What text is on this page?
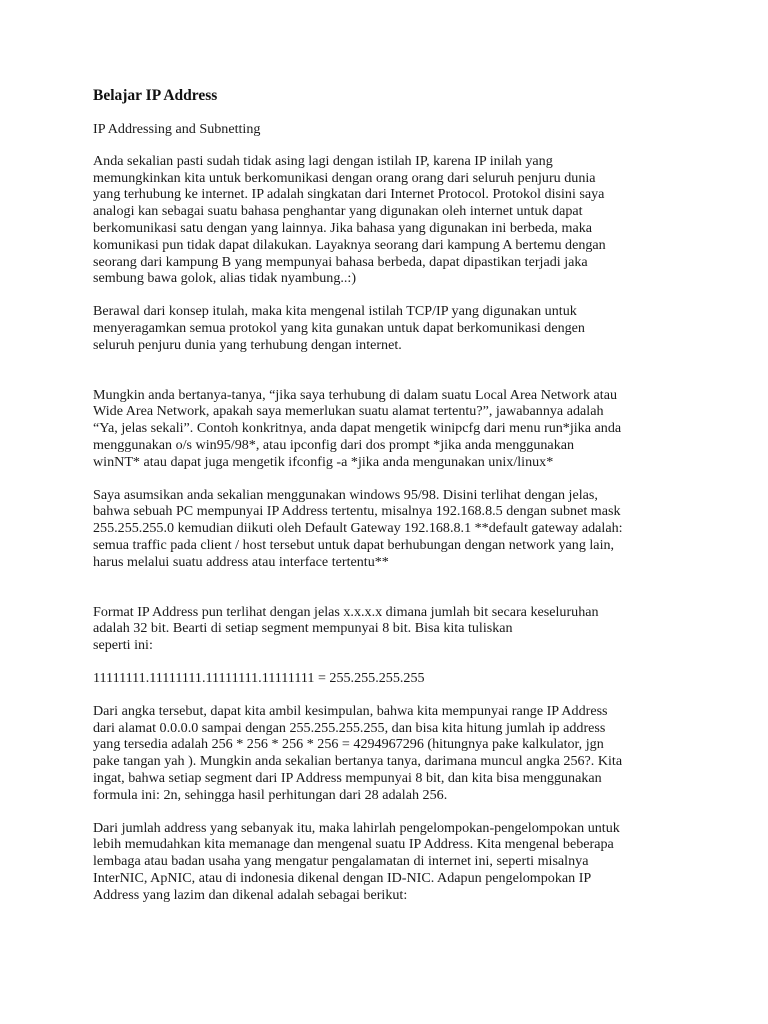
Belajar IP Address
IP Addressing and Subnetting

Anda sekalian pasti sudah tidak asing lagi dengan istilah IP, karena IP inilah yang
memungkinkan kita untuk berkomunikasi dengan orang orang dari seluruh penjuru dunia
yang terhubung ke internet. IP adalah singkatan dari Internet Protocol. Protokol disini saya
analogi kan sebagai suatu bahasa penghantar yang digunakan oleh internet untuk dapat
berkomunikasi satu dengan yang lainnya. Jika bahasa yang digunakan ini berbeda, maka
komunikasi pun tidak dapat dilakukan. Layaknya seorang dari kampung A bertemu dengan
seorang dari kampung B yang mempunyai bahasa berbeda, dapat dipastikan terjadi jaka
sembung bawa golok, alias tidak nyambung..:)

Berawal dari konsep itulah, maka kita mengenal istilah TCP/IP yang digunakan untuk
menyeragamkan semua protokol yang kita gunakan untuk dapat berkomunikasi dengen
seluruh penjuru dunia yang terhubung dengan internet.

Mungkin anda bertanya-tanya, “jika saya terhubung di dalam suatu Local Area Network atau
Wide Area Network, apakah saya memerlukan suatu alamat tertentu?”, jawabannya adalah
“Ya, jelas sekali”. Contoh konkritnya, anda dapat mengetik winipcfg dari menu run*jika anda
menggunakan o/s win95/98*, atau ipconfig dari dos prompt *jika anda menggunakan
winNT* atau dapat juga mengetik ifconfig -a *jika anda mengunakan unix/linux*

Saya asumsikan anda sekalian menggunakan windows 95/98. Disini terlihat dengan jelas,
bahwa sebuah PC mempunyai IP Address tertentu, misalnya 192.168.8.5 dengan subnet mask
255.255.255.0 kemudian diikuti oleh Default Gateway 192.168.8.1 **default gateway adalah:
semua traffic pada client / host tersebut untuk dapat berhubungan dengan network yang lain,
harus melalui suatu address atau interface tertentu**

Format IP Address pun terlihat dengan jelas x.x.x.x dimana jumlah bit secara keseluruhan
adalah 32 bit. Bearti di setiap segment mempunyai 8 bit. Bisa kita tuliskan
seperti ini:

11111111.11111111.11111111.11111111 = 255.255.255.255

Dari angka tersebut, dapat kita ambil kesimpulan, bahwa kita mempunyai range IP Address
dari alamat 0.0.0.0 sampai dengan 255.255.255.255, dan bisa kita hitung jumlah ip address
yang tersedia adalah 256 * 256 * 256 * 256 = 4294967296 (hitungnya pake kalkulator, jgn
pake tangan yah ). Mungkin anda sekalian bertanya tanya, darimana muncul angka 256?. Kita
ingat, bahwa setiap segment dari IP Address mempunyai 8 bit, dan kita bisa menggunakan
formula ini: 2n, sehingga hasil perhitungan dari 28 adalah 256.

Dari jumlah address yang sebanyak itu, maka lahirlah pengelompokan-pengelompokan untuk
lebih memudahkan kita memanage dan mengenal suatu IP Address. Kita mengenal beberapa
lembaga atau badan usaha yang mengatur pengalamatan di internet ini, seperti misalnya
InterNIC, ApNIC, atau di indonesia dikenal dengan ID-NIC. Adapun pengelompokan IP
Address yang lazim dan dikenal adalah sebagai berikut:
